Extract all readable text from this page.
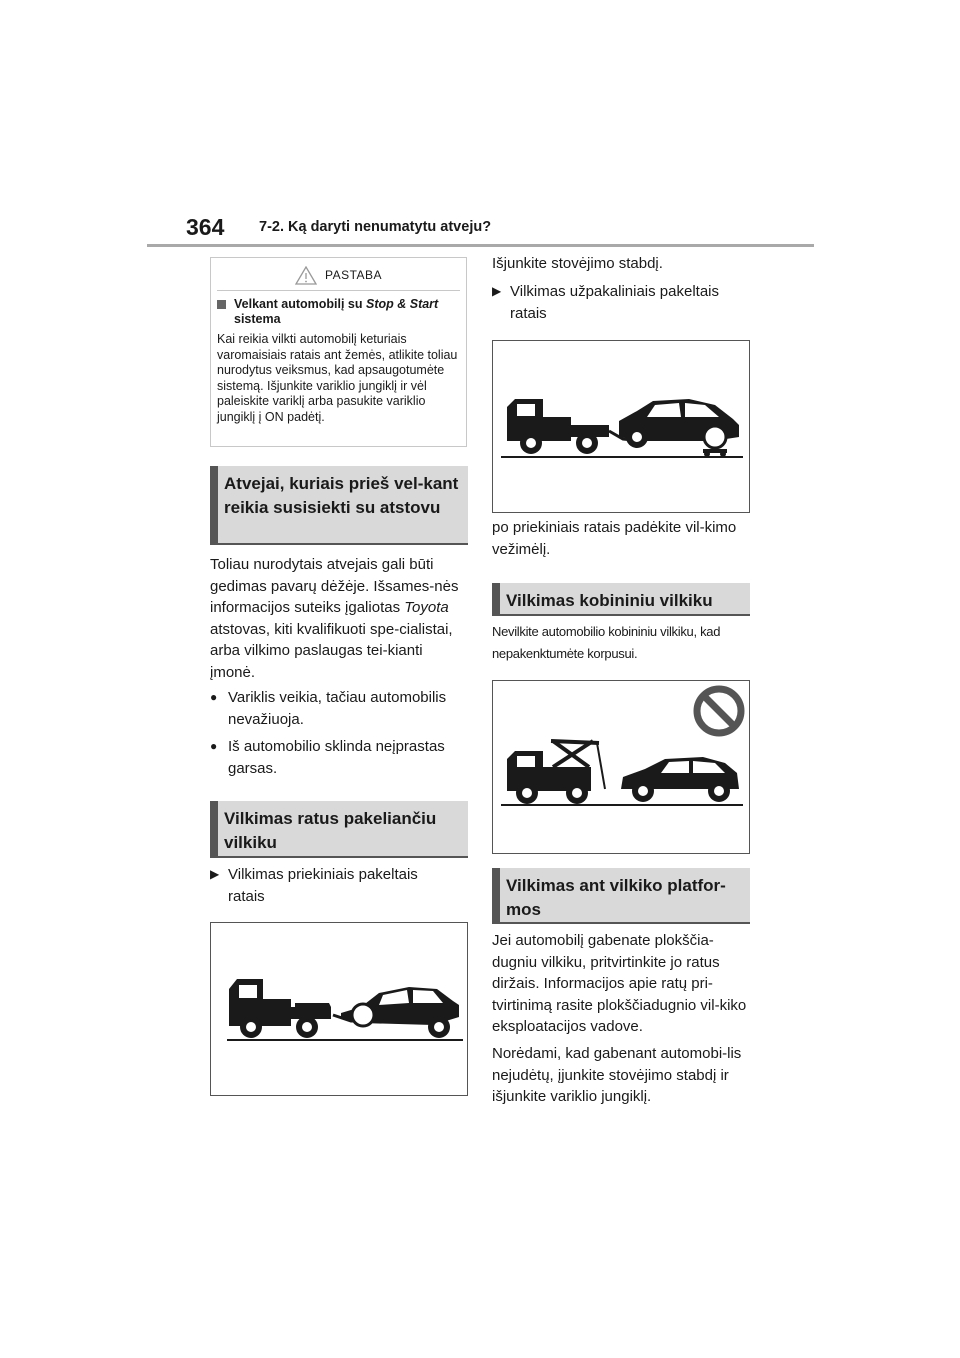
364 7-2. Ką daryti nenumatytu atveju?
PASTABA
Velkant automobilį su Stop & Start sistema
Kai reikia vilkti automobilį keturiais varomaisiais ratais ant žemės, atlikite toliau nurodytus veiksmus, kad apsaugotumėte sistemą. Išjunkite variklio jungiklį ir vėl paleiskite variklį arba pasukite variklio jungiklį į ON padėtį.
Atvejai, kuriais prieš vel-kant reikia susisiekti su atstovu
Toliau nurodytais atvejais gali būti gedimas pavarų dėžėje. Išsames-nės informacijos suteiks įgaliotas Toyota atstovas, kiti kvalifikuoti spe-cialistai, arba vilkimo paslaugas tei-kianti įmonė.
● Variklis veikia, tačiau automobilis nevažiuoja.
● Iš automobilio sklinda neįprastas garsas.
Vilkimas ratus pakeliančiu vilkiku
▶ Vilkimas priekiniais pakeltais ratais
Išjunkite stovėjimo stabdį.
▶ Vilkimas užpakaliniais pakeltais ratais
po priekiniais ratais padėkite vil-kimo vežimėlį.
Vilkimas kobininiu vilkiku
Nevilkite automobilio kobininiu vilkiku, kad nepakenktumėte korpusui.
Vilkimas ant vilkiko platfor-mos
Jei automobilį gabenate plokščia-dugniu vilkiku, pritvirtinkite jo ratus diržais. Informacijos apie ratų pri-tvirtinimą rasite plokščiadugnio vil-kiko eksploatacijos vadove.
Norėdami, kad gabenant automobi-lis nejudėtų, įjunkite stovėjimo stabdį ir išjunkite variklio jungiklį.
